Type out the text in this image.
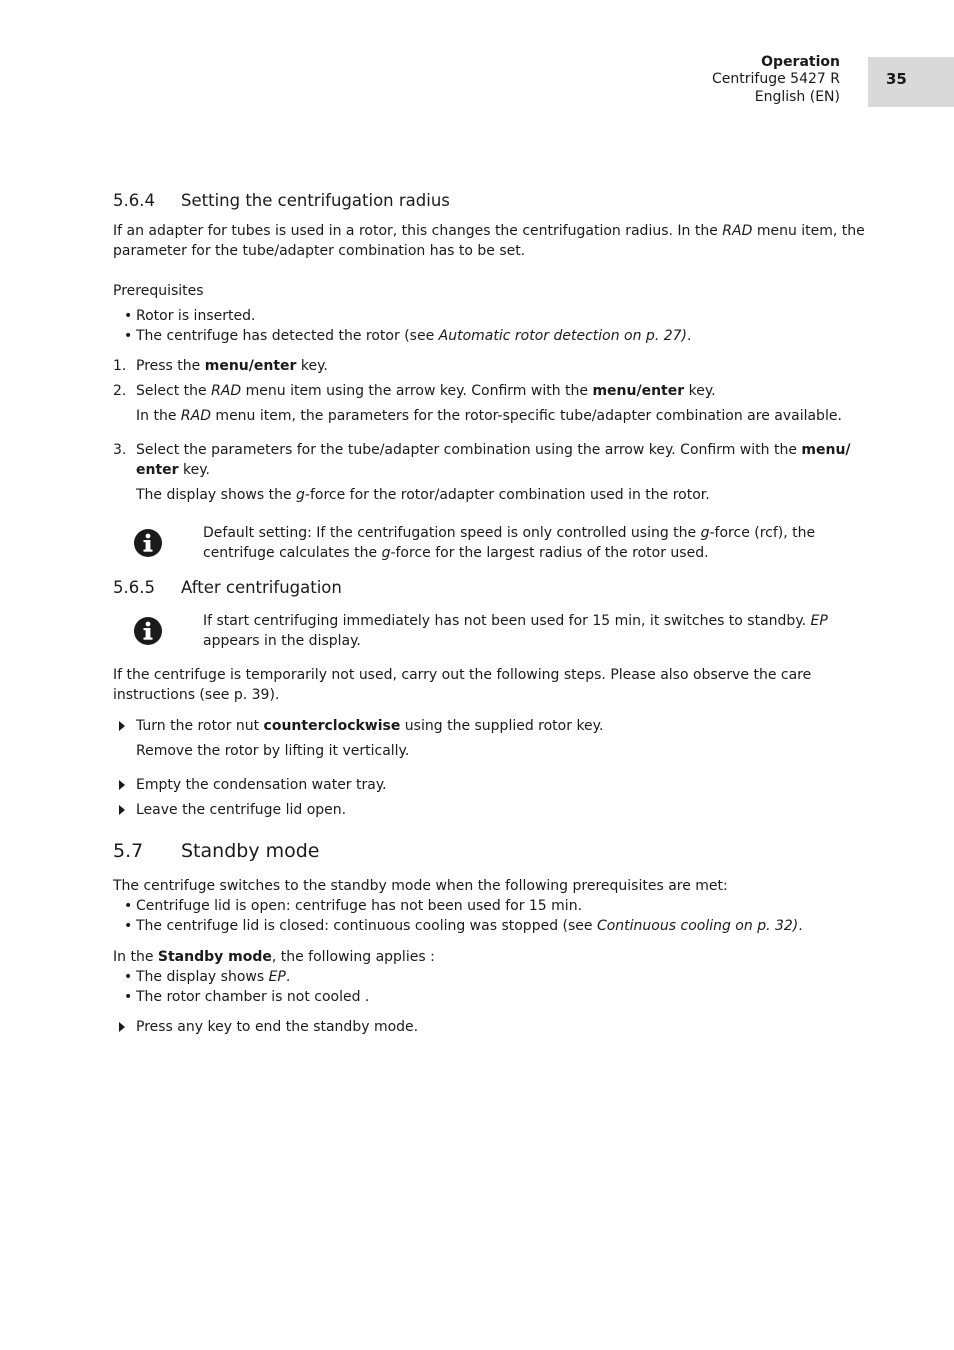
Operation
Centrifuge 5427 R
English (EN)
35
5.6.4 Setting the centrifugation radius
If an adapter for tubes is used in a rotor, this changes the centrifugation radius. In the RAD menu item, the
parameter for the tube/adapter combination has to be set.
Prerequisites
• Rotor is inserted.
• The centrifuge has detected the rotor (see Automatic rotor detection on p. 27).
1. Press the menu/enter key.
2. Select the RAD menu item using the arrow key. Confirm with the menu/enter key.
In the RAD menu item, the parameters for the rotor-specific tube/adapter combination are available.
3. Select the parameters for the tube/adapter combination using the arrow key. Confirm with the menu/
enter key.
The display shows the g-force for the rotor/adapter combination used in the rotor.
Default setting: If the centrifugation speed is only controlled using the g-force (rcf), the
centrifuge calculates the g-force for the largest radius of the rotor used.
5.6.5 After centrifugation
If start centrifuging immediately has not been used for 15 min, it switches to standby. EP
appears in the display.
If the centrifuge is temporarily not used, carry out the following steps. Please also observe the care
instructions (see p. 39).
Turn the rotor nut counterclockwise using the supplied rotor key.
Remove the rotor by lifting it vertically.
Empty the condensation water tray.
Leave the centrifuge lid open.
5.7 Standby mode
The centrifuge switches to the standby mode when the following prerequisites are met:
• Centrifuge lid is open: centrifuge has not been used for 15 min.
• The centrifuge lid is closed: continuous cooling was stopped (see Continuous cooling on p. 32).
In the Standby mode, the following applies :
• The display shows EP.
• The rotor chamber is not cooled .
Press any key to end the standby mode.
